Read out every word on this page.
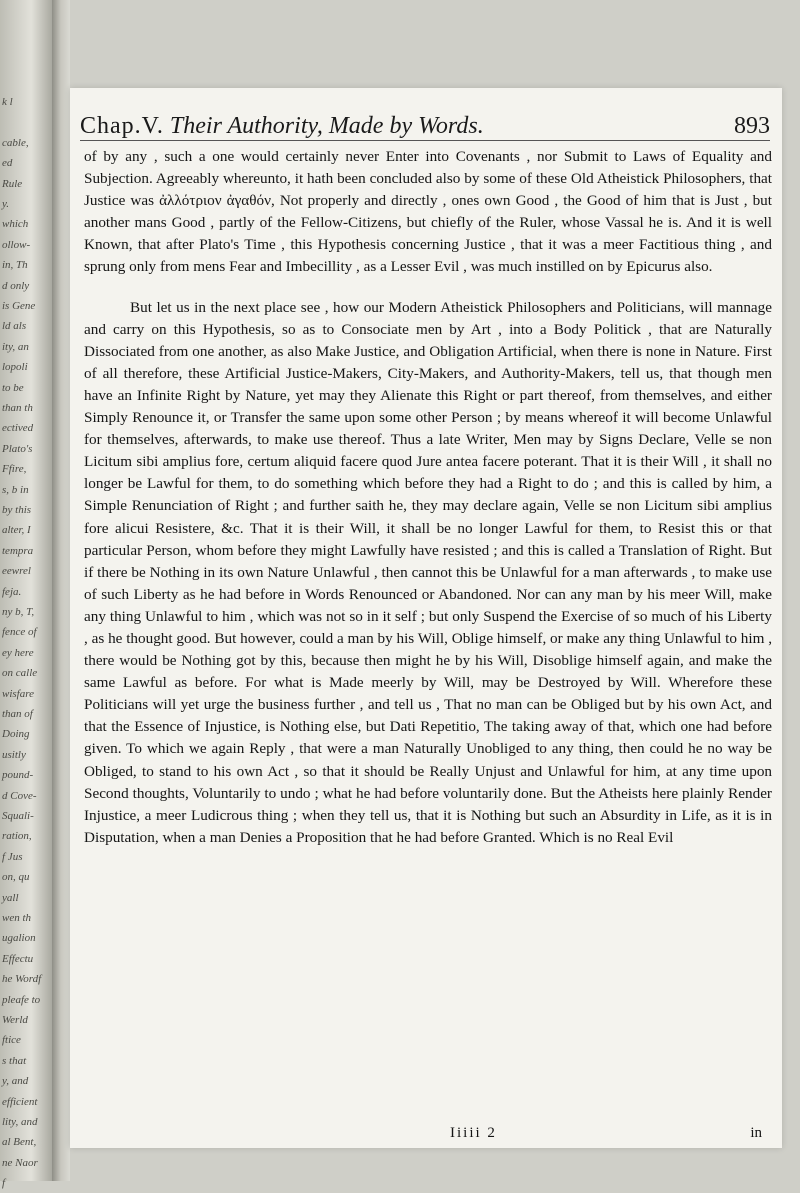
k l
cable,
ed
Rule
y.
which
ollow-
in, Th
d only
is Gene
ld als
ity, an
lopoli
to be
than th
ectived
Plato's
Ffire,
s, b in
by this
alter, I
tempra
eewrel
feja.
ny b, T,
fence of
ey here
on calle
wisfare
than of
Doing
usitly
pound-
d Cove-
Squali-
ration,
f Jus
on, qu
yall
wen th
ugalion
Effectu
he Wordf
pleafe to
Werld
ftice
s that
y, and
efficient
lity, and
al Bent,
ne Naor
f
Chap.V. Their Authority, Made by Words.	893

of by any , such a one would certainly never Enter into Covenants , nor Submit to Laws of Equality and Subjection. Agreeably whereunto, it hath been concluded also by some of these Old Atheistick Philosophers, that Justice was ἀλλότριον ἀγαθόν, Not properly and directly , ones own Good , the Good of him that is Just , but another mans Good , partly of the Fellow-Citizens, but chiefly of the Ruler, whose Vassal he is. And it is well Known, that after Plato's Time , this Hypothesis concerning Justice , that it was a meer Factitious thing , and sprung only from mens Fear and Imbecillity , as a Lesser Evil , was much instilled on by Epicurus also.

But let us in the next place see , how our Modern Atheistick Philosophers and Politicians, will mannage and carry on this Hypothesis, so as to Consociate men by Art , into a Body Politick , that are Naturally Dissociated from one another, as also Make Justice, and Obligation Artificial, when there is none in Nature. First of all therefore, these Artificial Justice-Makers, City-Makers, and Authority-Makers, tell us, that though men have an Infinite Right by Nature, yet may they Alienate this Right or part thereof, from themselves, and either Simply Renounce it, or Transfer the same upon some other Person ; by means whereof it will become Unlawful for themselves, afterwards, to make use thereof. Thus a late Writer, Men may by Signs Declare, Velle se non Licitum sibi amplius fore, certum aliquid facere quod Jure antea facere poterant. That it is their Will , it shall no longer be Lawful for them, to do something which before they had a Right to do ; and this is called by him, a Simple Renunciation of Right ; and further saith he, they may declare again, Velle se non Licitum sibi amplius fore alicui Resistere, &c. That it is their Will, it shall be no longer Lawful for them, to Resist this or that particular Person, whom before they might Lawfully have resisted ; and this is called a Translation of Right. But if there be Nothing in its own Nature Unlawful , then cannot this be Unlawful for a man afterwards , to make use of such Liberty as he had before in Words Renounced or Abandoned. Nor can any man by his meer Will, make any thing Unlawful to him , which was not so in it self ; but only Suspend the Exercise of so much of his Liberty , as he thought good. But however, could a man by his Will, Oblige himself, or make any thing Unlawful to him , there would be Nothing got by this, because then might he by his Will, Disoblige himself again, and make the same Lawful as before. For what is Made meerly by Will, may be Destroyed by Will. Wherefore these Politicians will yet urge the business further , and tell us , That no man can be Obliged but by his own Act, and that the Essence of Injustice, is Nothing else, but Dati Repetitio, The taking away of that, which one had before given. To which we again Reply , that were a man Naturally Unobliged to any thing, then could he no way be Obliged, to stand to his own Act , so that it should be Really Unjust and Unlawful for him, at any time upon Second thoughts, Voluntarily to undo ; what he had before voluntarily done. But the Atheists here plainly Render Injustice, a meer Ludicrous thing ; when they tell us, that it is Nothing but such an Absurdity in Life, as it is in Disputation, when a man Denies a Proposition that he had before Granted. Which is no Real Evil

Iiiii 2	in
